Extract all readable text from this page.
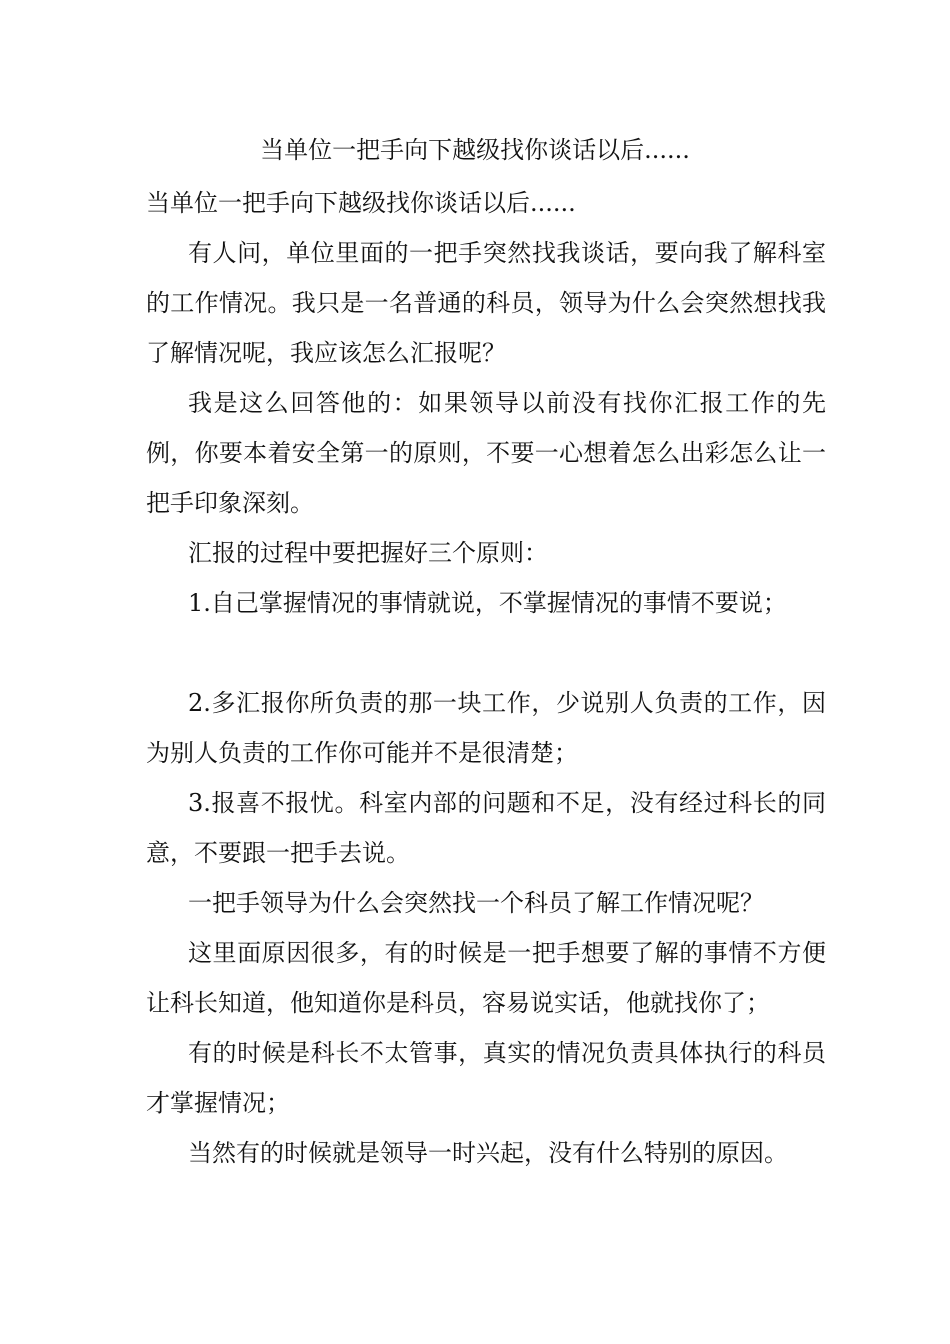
当单位一把手向下越级找你谈话以后......

当单位一把手向下越级找你谈话以后......

有人问，单位里面的一把手突然找我谈话，要向我了解科室的工作情况。我只是一名普通的科员，领导为什么会突然想找我了解情况呢，我应该怎么汇报呢？

我是这么回答他的：如果领导以前没有找你汇报工作的先例，你要本着安全第一的原则，不要一心想着怎么出彩怎么让一把手印象深刻。

汇报的过程中要把握好三个原则：

1.自己掌握情况的事情就说，不掌握情况的事情不要说；

2.多汇报你所负责的那一块工作，少说别人负责的工作，因为别人负责的工作你可能并不是很清楚；

3.报喜不报忧。科室内部的问题和不足，没有经过科长的同意，不要跟一把手去说。

一把手领导为什么会突然找一个科员了解工作情况呢？

这里面原因很多，有的时候是一把手想要了解的事情不方便让科长知道，他知道你是科员，容易说实话，他就找你了；

有的时候是科长不太管事，真实的情况负责具体执行的科员才掌握情况；

当然有的时候就是领导一时兴起，没有什么特别的原因。
